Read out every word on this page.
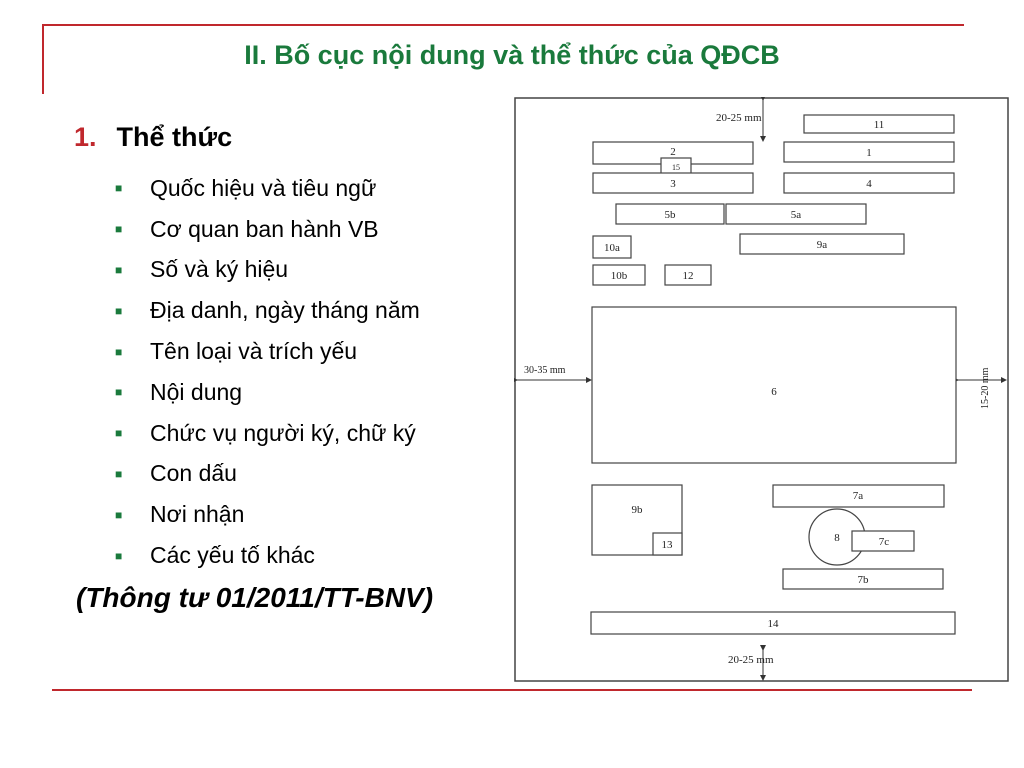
II. Bố cục nội dung và thể thức của QĐCB
1. Thể thức
■	Quốc hiệu và tiêu ngữ
■	Cơ quan ban hành VB
■	Số và ký hiệu
■	Địa danh, ngày tháng năm
■	Tên loại và trích yếu
■	Nội dung
■	Chức vụ người ký, chữ ký
■	Con dấu
■	Nơi nhận
■	Các yếu tố khác
(Thông tư 01/2011/TT-BNV)
20-25 mm
20-25 mm
30-35 mm	15-20 mm
11
2
15
1
3	4
5b	5a
10a	9a
10b	12
6
9b
13
7a
8	7c
7b
14
